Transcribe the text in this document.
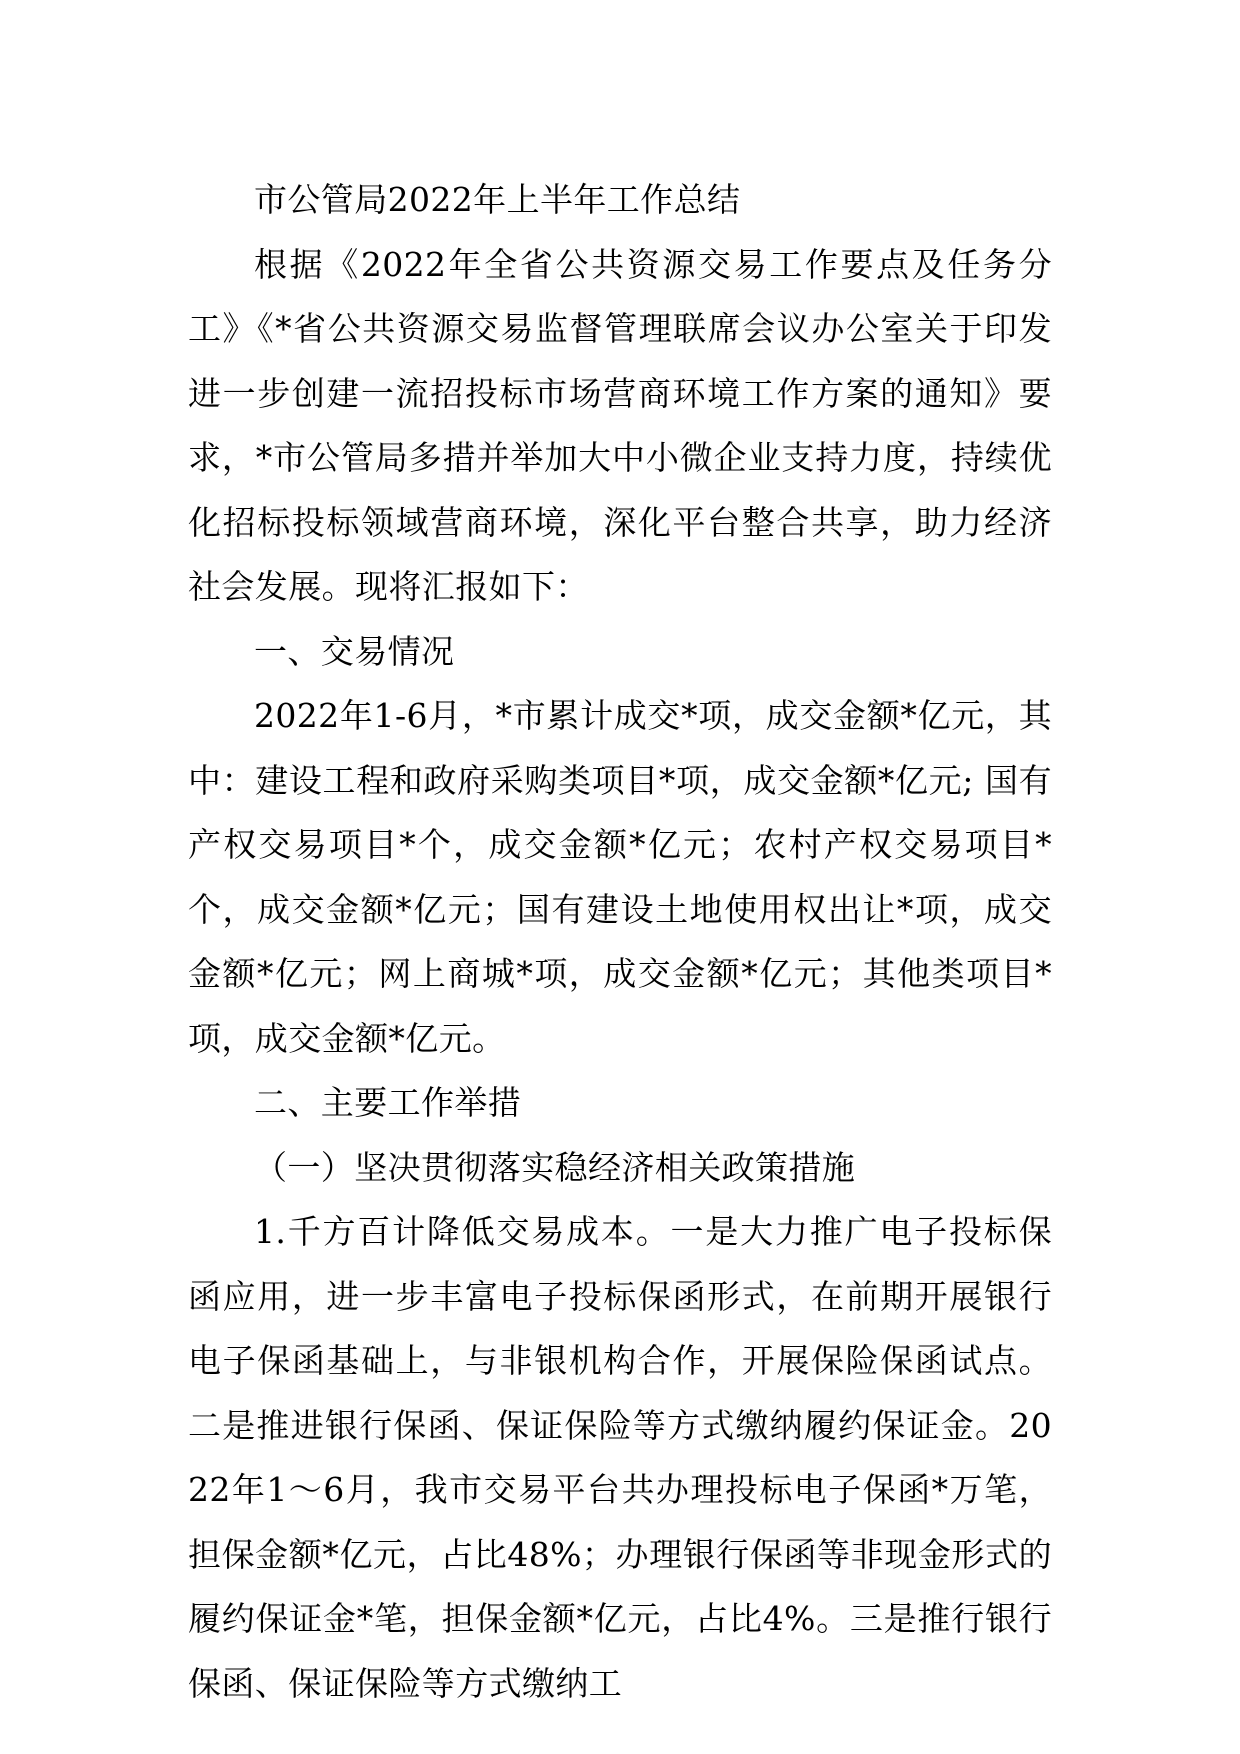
市公管局2022年上半年工作总结

根据《2022年全省公共资源交易工作要点及任务分工》《*省公共资源交易监督管理联席会议办公室关于印发进一步创建一流招投标市场营商环境工作方案的通知》要求，*市公管局多措并举加大中小微企业支持力度，持续优化招标投标领域营商环境，深化平台整合共享，助力经济社会发展。现将汇报如下：

一、交易情况

2022年1-6月，*市累计成交*项，成交金额*亿元，其中：建设工程和政府采购类项目*项，成交金额*亿元; 国有产权交易项目*个，成交金额*亿元；农村产权交易项目*个，成交金额*亿元；国有建设土地使用权出让*项，成交金额*亿元；网上商城*项，成交金额*亿元；其他类项目*项，成交金额*亿元。

二、主要工作举措

（一）坚决贯彻落实稳经济相关政策措施

1.千方百计降低交易成本。一是大力推广电子投标保函应用，进一步丰富电子投标保函形式，在前期开展银行电子保函基础上，与非银机构合作，开展保险保函试点。二是推进银行保函、保证保险等方式缴纳履约保证金。2022年1～6月，我市交易平台共办理投标电子保函*万笔，担保金额*亿元，占比48%；办理银行保函等非现金形式的履约保证金*笔，担保金额*亿元，占比4%。三是推行银行保函、保证保险等方式缴纳工
